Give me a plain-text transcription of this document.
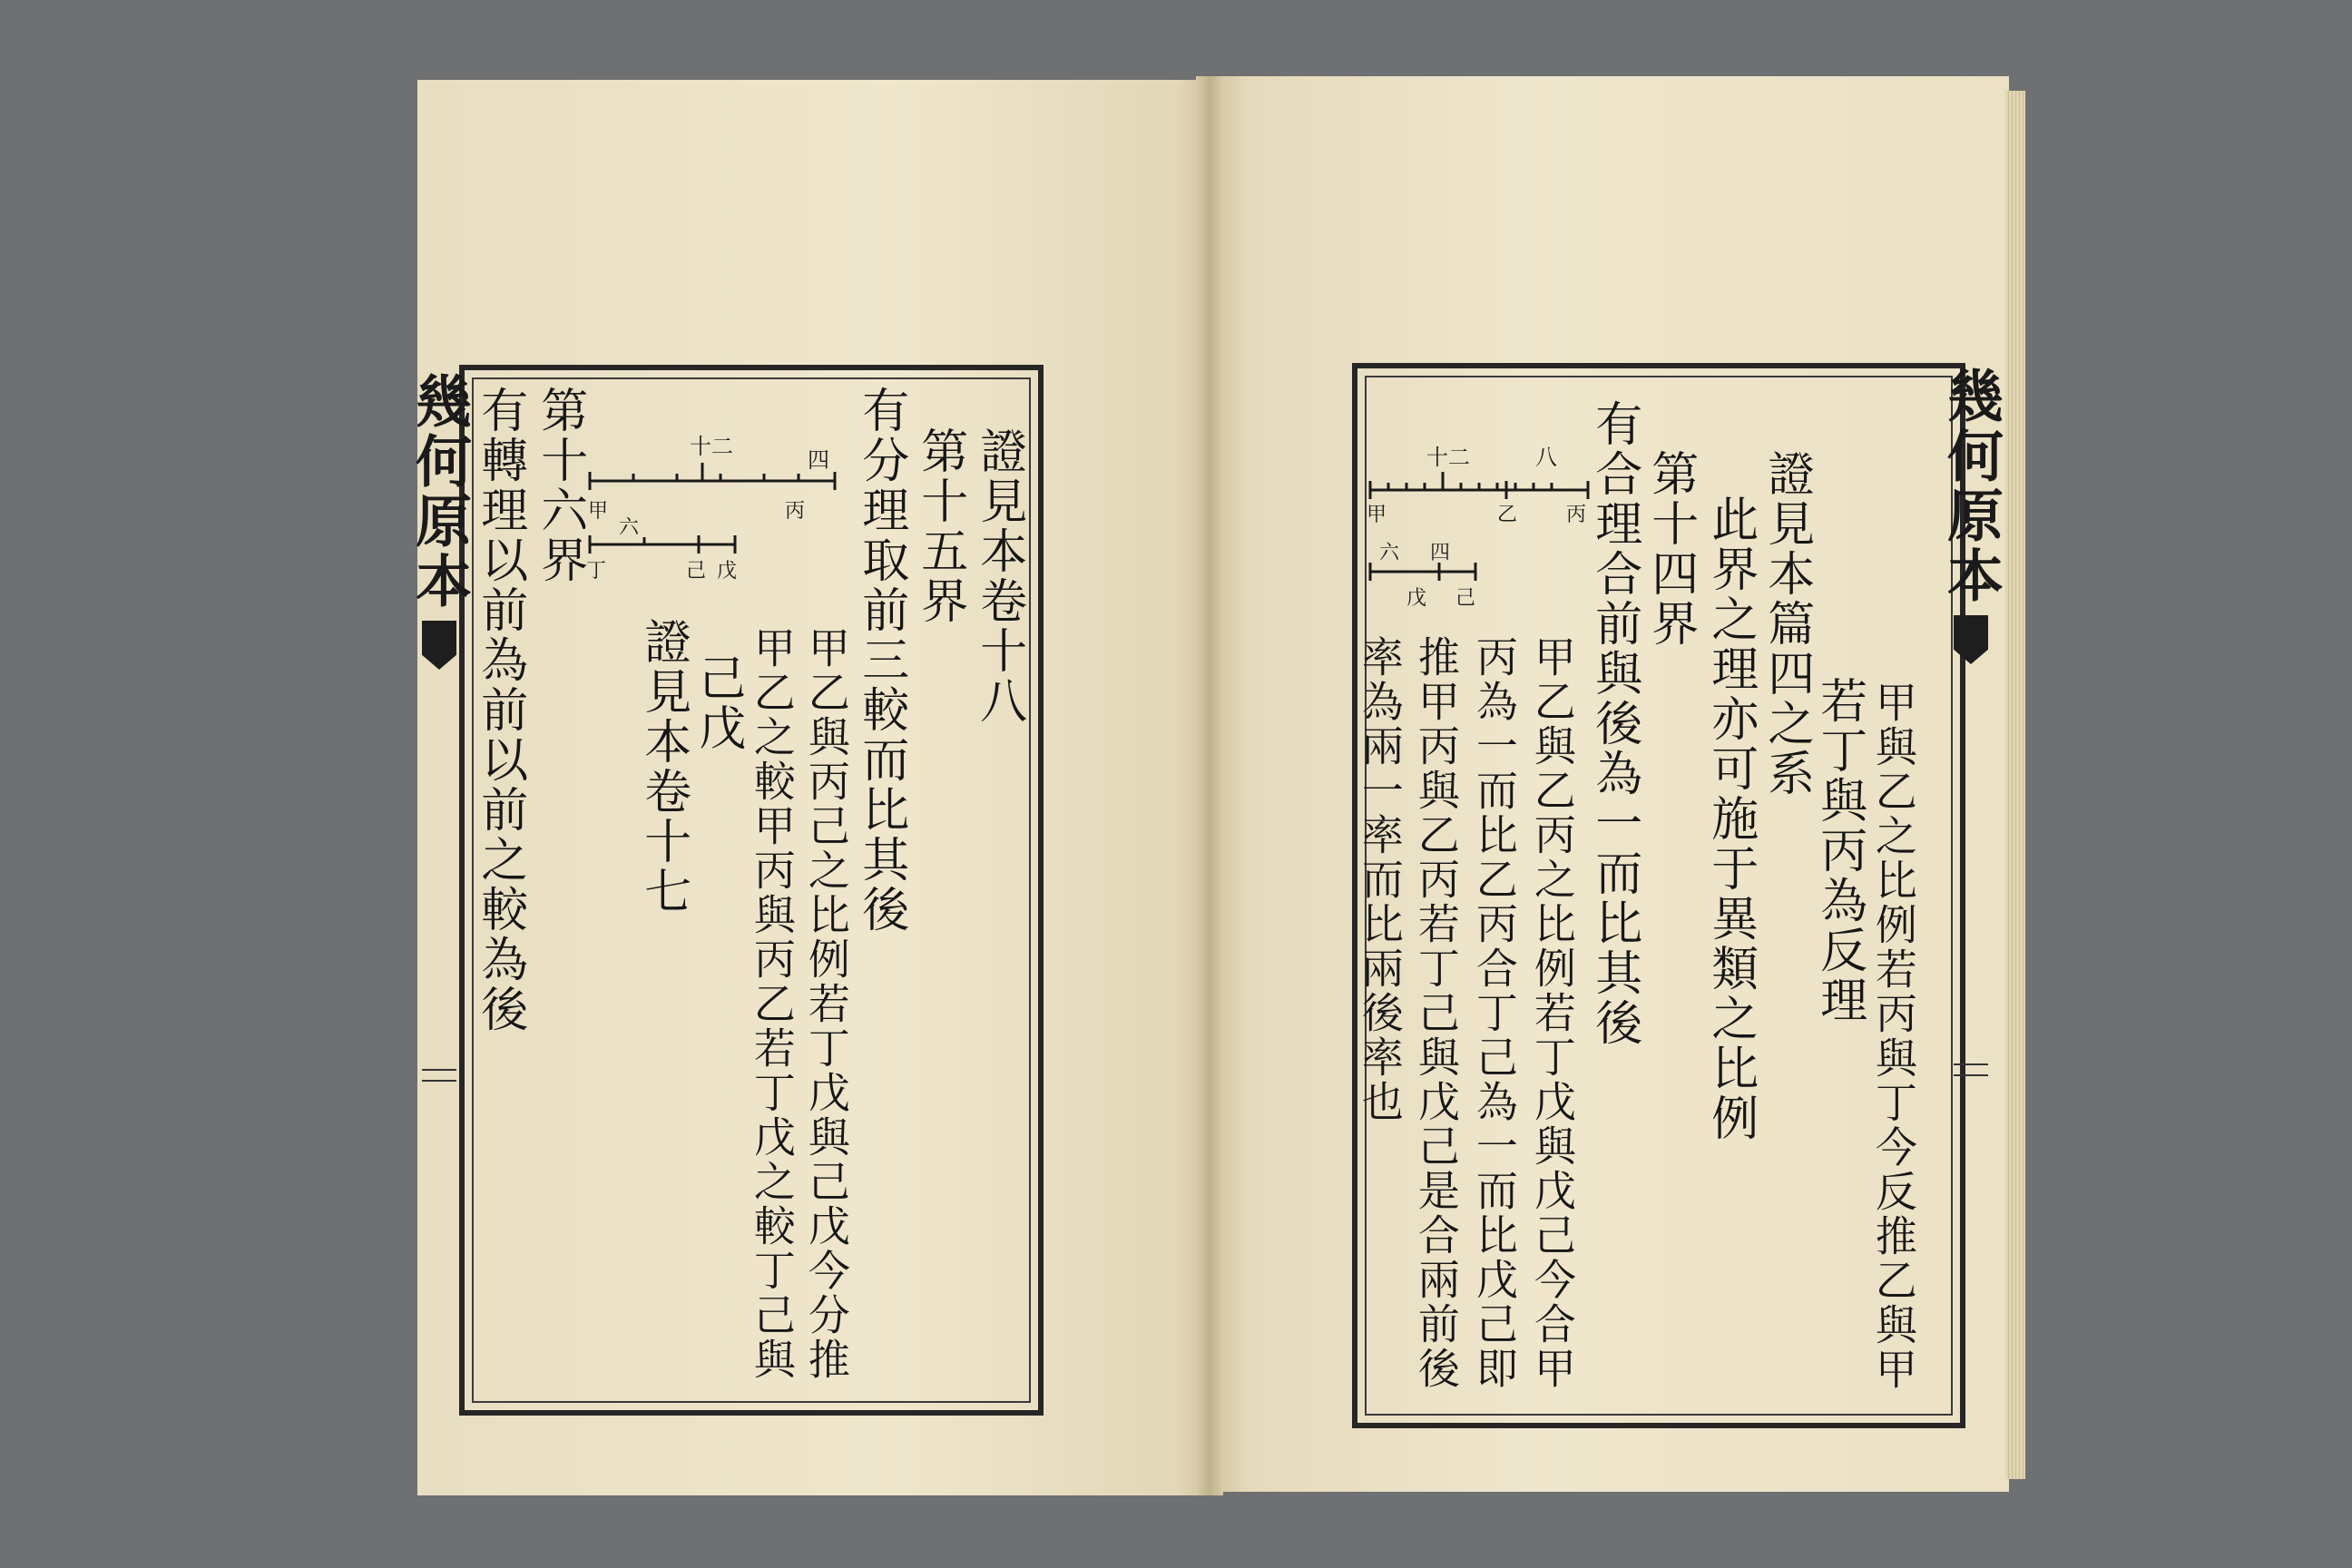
幾何原本	幾何原本

證見本卷十八

有分理取前三較而比其後 第十五界

甲乙與丙己之比例若丁戊與己戊今分推

甲乙之較甲丙與丙乙若丁戊之較丁己與

己戊

證見本卷十七

第十六界

有轉理以前為前以前之較為後	十二
四
甲	丙
六
丁	己 戊

甲與乙之比例若丙與丁今反推乙與甲

若丁與丙為反理

證見本篇四之系

此界之理亦可施于異類之比例

第十四界

有合理合前與後為一而比其後

甲乙與乙丙之比例若丁戊與戊己今合甲

丙為一而比乙丙合丁己為一而比戊己即

推甲丙與乙丙若丁己與戊己是合兩前後

率為兩一率而比兩後率也

十二	八
甲	乙 丙
六 四
戊 己
